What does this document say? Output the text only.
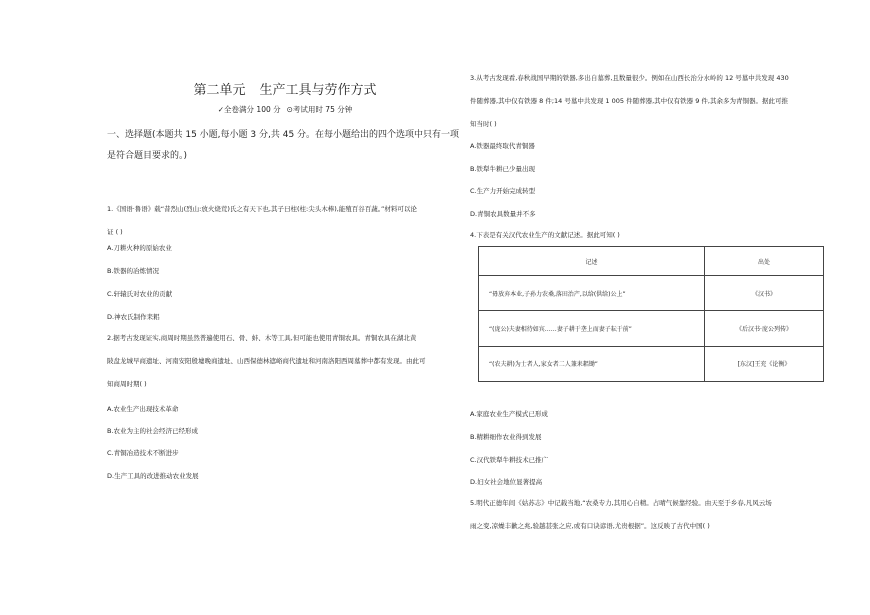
第二单元 生产工具与劳作方式
✓全卷满分 100 分 ⊙考试用时 75 分钟
一、选择题(本题共 15 小题,每小题 3 分,共 45 分。在每小题给出的四个选项中只有一项是符合题目要求的。)
1.《国语·鲁语》载“昔烈山(烈山:放火烧荒)氏之有天下也,其子曰柱(柱:尖头木棒),能殖百谷百蔬。”材料可以论
证 ( )
A.刀耕火种的原始农业
B.铁器的冶炼情况
C.轩辕氏对农业的贡献
D.神农氏制作耒耜
2.据考古发现证实,商周时期虽然普遍使用石、骨、蚌、木等工具,但可能也使用青铜农具。青铜农具在湖北黄
陂盘龙城早商遗址、河南安阳殷墟晚商遗址、山西保德林遮峪商代遗址和河南洛阳西周墓葬中都有发现。由此可
知商周时期( )
A.农业生产出现技术革命
B.农业为主的社会经济已经形成
C.青铜冶造技术不断进步
D.生产工具的改进推动农业发展
3.从考古发现看,春秋战国早期的铁器,多出自墓葬,且数量很少。例如在山西长治分水岭的 12 号墓中共发现 430
件随葬器,其中仅有铁器 8 件;14 号墓中共发现 1 005 件随葬器,其中仅有铁器 9 件,其余多为青铜器。据此可推
知当时( )
A.铁器最终取代青铜器
B.铁犁牛耕已少量出现
C.生产力开始完成转型
D.青铜农具数量并不多
4.下表是有关汉代农业生产的文献记述。据此可知( )
记述	出处
“毋放弃本业,子孙力农桑,落田治产,以给(供给)公上”	《汉书》
“(庞公)夫妻相待如宾……妻子耕于垄上而妻子耘于前”	《后汉书·庞公列传》
“(农夫耕)为士者人,家女者二人兼耒耜锄”	[东汉]王充《论衡》
A.家庭农业生产模式已形成
B.精耕细作农业得到发展
C.汉代铁犁牛耕技术已推广
D.妇女社会地位显著提高
5.明代正德年间《姑苏志》中记载当地,“农桑专力,其用心自精。占晴气候靠经验。由天至于乡春,凡风云场
雨之变,凉燥丰歉之兆,验越甚张之应,或有口诀谚语,尤贵根据”。这反映了古代中国( )
